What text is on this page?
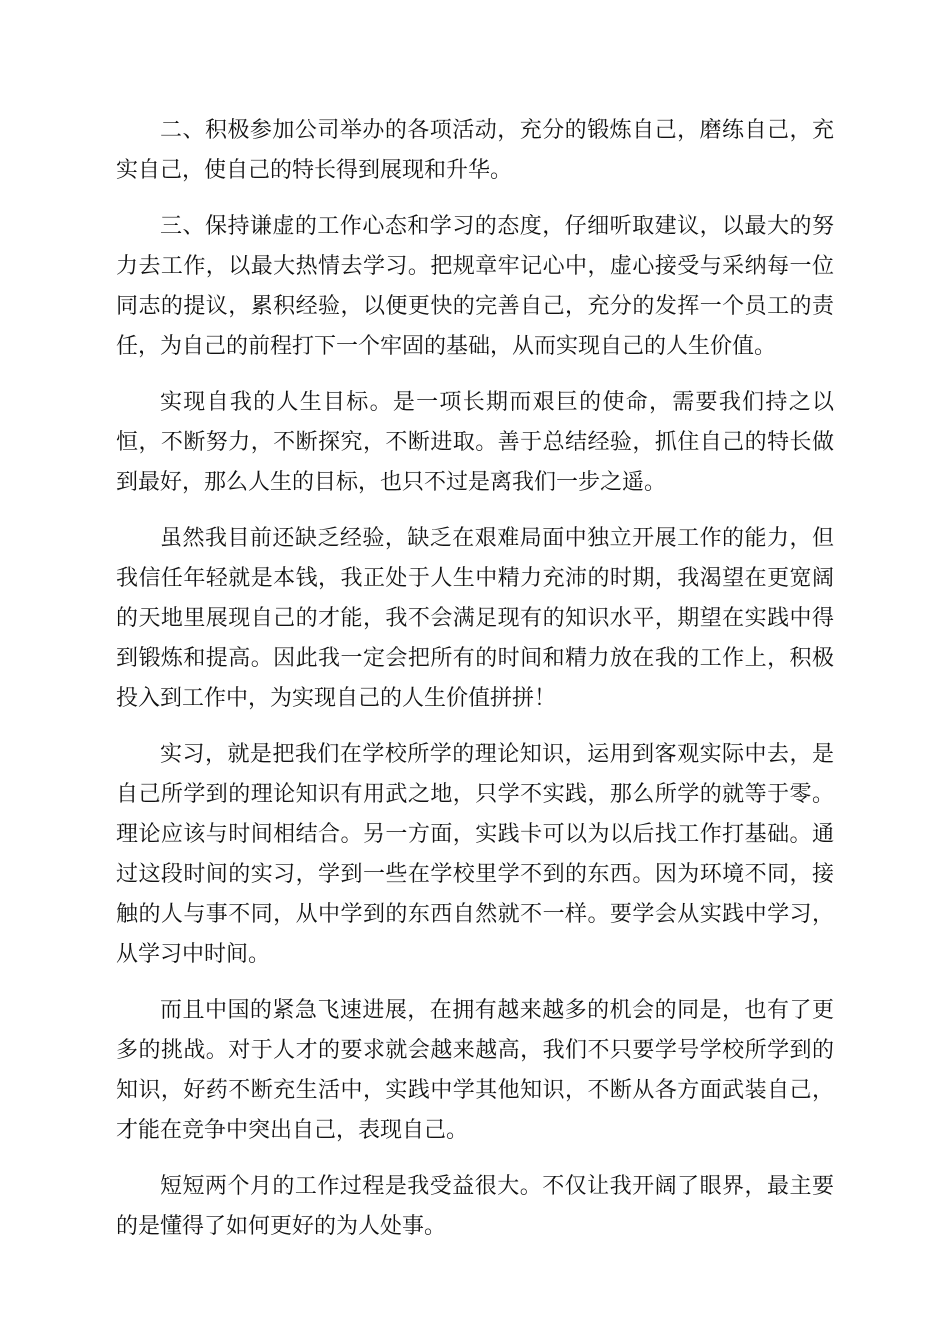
二、积极参加公司举办的各项活动，充分的锻炼自己，磨练自己，充实自己，使自己的特长得到展现和升华。

三、保持谦虚的工作心态和学习的态度，仔细听取建议，以最大的努力去工作，以最大热情去学习。把规章牢记心中，虚心接受与采纳每一位同志的提议，累积经验，以便更快的完善自己，充分的发挥一个员工的责任，为自己的前程打下一个牢固的基础，从而实现自己的人生价值。

实现自我的人生目标。是一项长期而艰巨的使命，需要我们持之以恒，不断努力，不断探究，不断进取。善于总结经验，抓住自己的特长做到最好，那么人生的目标，也只不过是离我们一步之遥。

虽然我目前还缺乏经验，缺乏在艰难局面中独立开展工作的能力，但我信任年轻就是本钱，我正处于人生中精力充沛的时期，我渴望在更宽阔的天地里展现自己的才能，我不会满足现有的知识水平，期望在实践中得到锻炼和提高。因此我一定会把所有的时间和精力放在我的工作上，积极投入到工作中，为实现自己的人生价值拼拼！

实习，就是把我们在学校所学的理论知识，运用到客观实际中去，是自己所学到的理论知识有用武之地，只学不实践，那么所学的就等于零。理论应该与时间相结合。另一方面，实践卡可以为以后找工作打基础。通过这段时间的实习，学到一些在学校里学不到的东西。因为环境不同，接触的人与事不同，从中学到的东西自然就不一样。要学会从实践中学习，从学习中时间。

而且中国的紧急飞速进展，在拥有越来越多的机会的同是，也有了更多的挑战。对于人才的要求就会越来越高，我们不只要学号学校所学到的知识，好药不断充生活中，实践中学其他知识，不断从各方面武装自己，才能在竞争中突出自己，表现自己。

短短两个月的工作过程是我受益很大。不仅让我开阔了眼界，最主要的是懂得了如何更好的为人处事。
